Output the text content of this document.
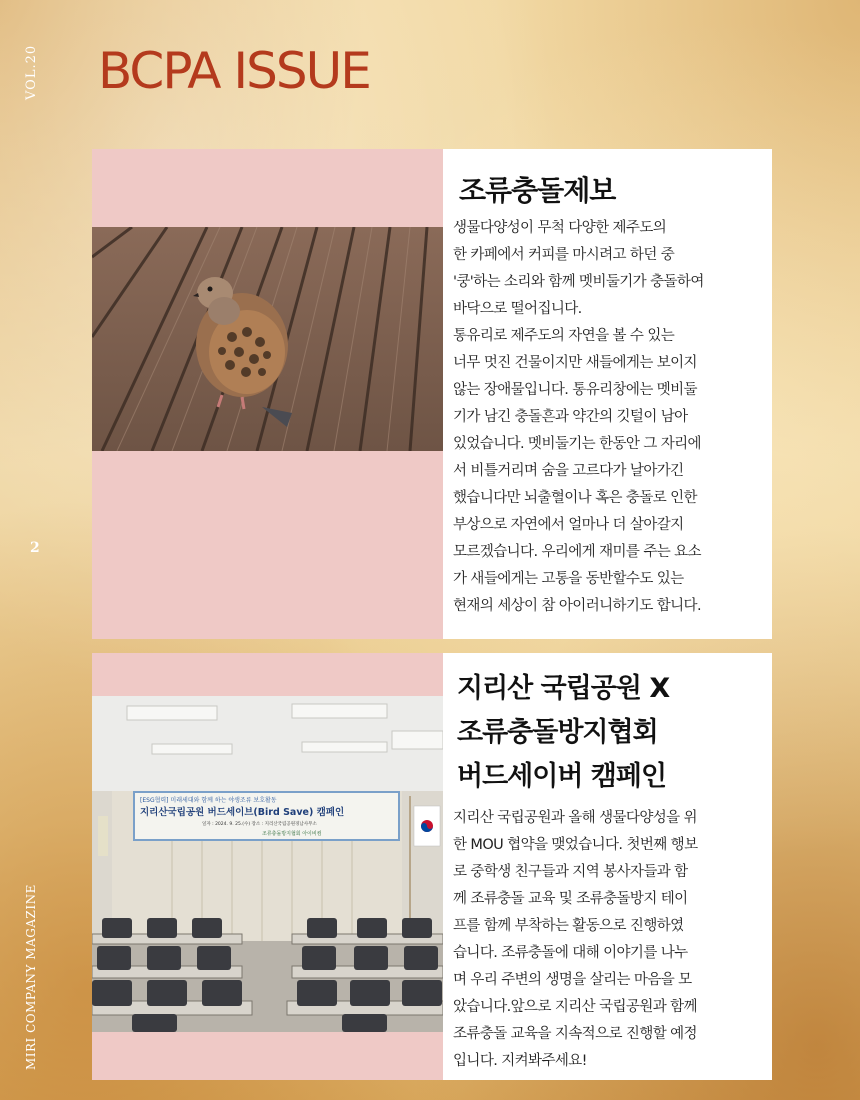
VOL.20
2
MIRI COMPANY MAGAZINE
BCPA ISSUE
조류충돌제보

생물다양성이 무척 다양한 제주도의
한 카페에서 커피를 마시려고 하던 중
'쿵'하는 소리와 함께 멧비둘기가 충돌하여
바닥으로 떨어집니다.
통유리로 제주도의 자연을 볼 수 있는
너무 멋진 건물이지만 새들에게는 보이지
않는 장애물입니다. 통유리창에는 멧비둘
기가 남긴 충돌흔과 약간의 깃털이 남아
있었습니다. 멧비둘기는 한동안 그 자리에
서 비틀거리며 숨을 고르다가 날아가긴
했습니다만 뇌출혈이나 혹은 충돌로 인한
부상으로 자연에서 얼마나 더 살아갈지
모르겠습니다. 우리에게 재미를 주는 요소
가 새들에게는 고통을 동반할수도 있는
현재의 세상이 참 아이러니하기도 합니다.

[ESG협력] 미래세대와 함께 하는 야생조류 보호활동
지리산국립공원 버드세이브(Bird Save) 캠페인
일자 : 2024. 9. 25.(수) 장소 : 지리산국립공원경남사무소
조류충돌방지협회 아이비컴
지리산 국립공원 X
조류충돌방지협회
버드세이버 캠페인

지리산 국립공원과 올해 생물다양성을 위
한 MOU 협약을 맺었습니다. 첫번째 행보
로 중학생 친구들과 지역 봉사자들과 함
께 조류충돌 교육 및 조류충돌방지 테이
프를 함께 부착하는 활동으로 진행하였
습니다. 조류충돌에 대해 이야기를 나누
며 우리 주변의 생명을 살리는 마음을 모
았습니다.앞으로 지리산 국립공원과 함께
조류충돌 교육을 지속적으로 진행할 예정
입니다. 지켜봐주세요!
